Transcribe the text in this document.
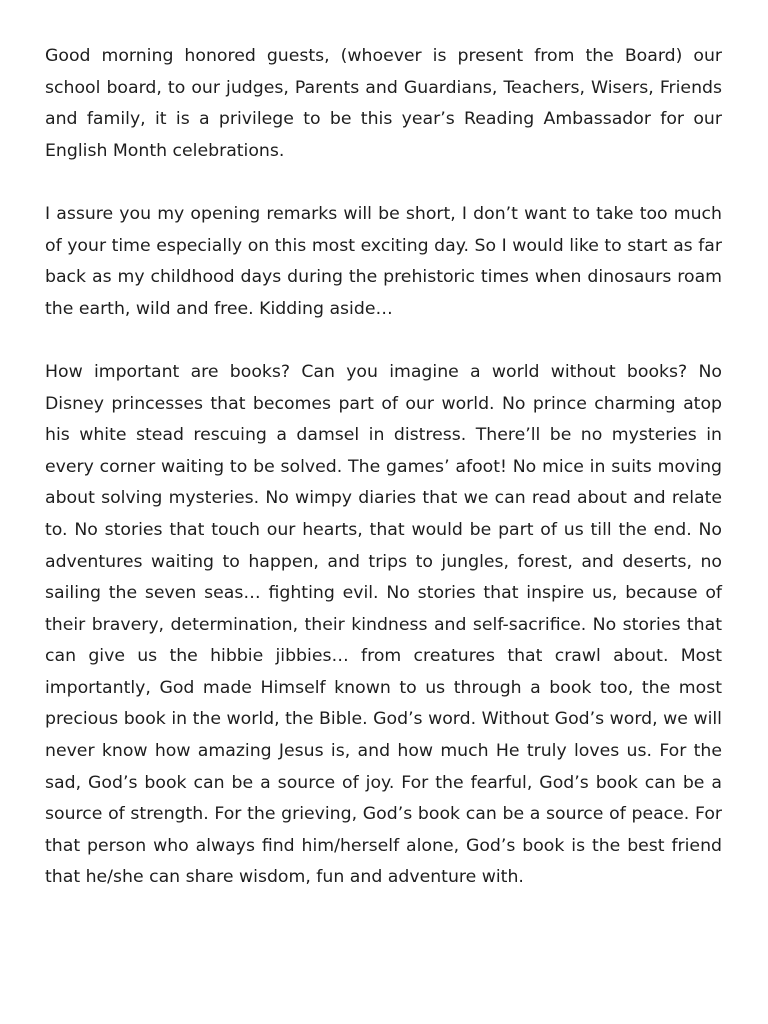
Good morning honored guests, (whoever is present from the Board) our school board, to our judges, Parents and Guardians, Teachers, Wisers, Friends and family, it is a privilege to be this year’s Reading Ambassador for our English Month celebrations.

I assure you my opening remarks will be short, I don’t want to take too much of your time especially on this most exciting day. So I would like to start as far back as my childhood days during the prehistoric times when dinosaurs roam the earth, wild and free. Kidding aside…

How important are books? Can you imagine a world without books? No Disney princesses that becomes part of our world. No prince charming atop his white stead rescuing a damsel in distress. There’ll be no mysteries in every corner waiting to be solved. The games’ afoot! No mice in suits moving about solving mysteries. No wimpy diaries that we can read about and relate to. No stories that touch our hearts, that would be part of us till the end. No adventures waiting to happen, and trips to jungles, forest, and deserts, no sailing the seven seas… fighting evil. No stories that inspire us, because of their bravery, determination, their kindness and self-sacrifice. No stories that can give us the hibbie jibbies… from creatures that crawl about. Most importantly, God made Himself known to us through a book too, the most precious book in the world, the Bible. God’s word. Without God’s word, we will never know how amazing Jesus is, and how much He truly loves us. For the sad, God’s book can be a source of joy. For the fearful, God’s book can be a source of strength. For the grieving, God’s book can be a source of peace. For that person who always find him/herself alone, God’s book is the best friend that he/she can share wisdom, fun and adventure with.
